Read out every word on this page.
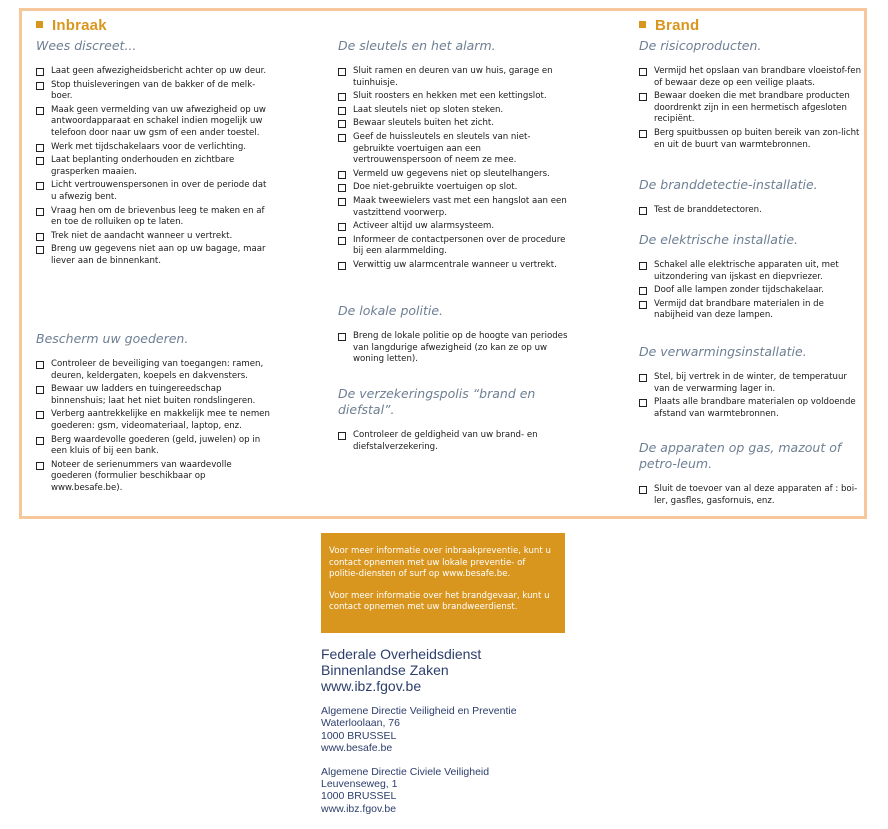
Inbraak

Wees discreet...

Laat geen afwezigheidsbericht achter op uw deur.
Stop thuisleveringen van de bakker of de melk-boer.
Maak geen vermelding van uw afwezigheid op uw antwoordapparaat en schakel indien mogelijk uw telefoon door naar uw gsm of een ander toestel.
Werk met tijdschakelaars voor de verlichting.
Laat beplanting onderhouden en zichtbare grasperken maaien.
Licht vertrouwenspersonen in over de periode dat u afwezig bent.
Vraag hen om de brievenbus leeg te maken en af en toe de rolluiken op te laten.
Trek niet de aandacht wanneer u vertrekt.
Breng uw gegevens niet aan op uw bagage, maar liever aan de binnenkant.

Bescherm uw goederen.

Controleer de beveiliging van toegangen: ramen, deuren, keldergaten, koepels en dakvensters.
Bewaar uw ladders en tuingereedschap binnenshuis; laat het niet buiten rondslingeren.
Verberg aantrekkelijke en makkelijk mee te nemen goederen: gsm, videomateriaal, laptop, enz.
Berg waardevolle goederen (geld, juwelen) op in een kluis of bij een bank.
Noteer de serienummers van waardevolle goederen (formulier beschikbaar op www.besafe.be).

De sleutels en het alarm.

Sluit ramen en deuren van uw huis, garage en tuinhuisje.
Sluit roosters en hekken met een kettingslot.
Laat sleutels niet op sloten steken.
Bewaar sleutels buiten het zicht.
Geef de huissleutels en sleutels van niet-gebruikte voertuigen aan een vertrouwenspersoon of neem ze mee.
Vermeld uw gegevens niet op sleutelhangers.
Doe niet-gebruikte voertuigen op slot.
Maak tweewielers vast met een hangslot aan een vastzittend voorwerp.
Activeer altijd uw alarmsysteem.
Informeer de contactpersonen over de procedure bij een alarmmelding.
Verwittig uw alarmcentrale wanneer u vertrekt.

De lokale politie.

Breng de lokale politie op de hoogte van periodes van langdurige afwezigheid (zo kan ze op uw woning letten).

De verzekeringspolis “brand en diefstal”.

Controleer de geldigheid van uw brand- en diefstalverzekering.
Brand

De risicoproducten.

Vermijd het opslaan van brandbare vloeistof-fen of bewaar deze op een veilige plaats.
Bewaar doeken die met brandbare producten doordrenkt zijn in een hermetisch afgesloten recipiënt.
Berg spuitbussen op buiten bereik van zon-licht en uit de buurt van warmtebronnen.

De branddetectie-installatie.

Test de branddetectoren.

De elektrische installatie.

Schakel alle elektrische apparaten uit, met uitzondering van ijskast en diepvriezer.
Doof alle lampen zonder tijdschakelaar.
Vermijd dat brandbare materialen in de nabijheid van deze lampen.

De verwarmingsinstallatie.

Stel, bij vertrek in de winter, de temperatuur van de verwarming lager in.
Plaats alle brandbare materialen op voldoende afstand van warmtebronnen.

De apparaten op gas, mazout of petro-leum.

Sluit de toevoer van al deze apparaten af : boi-ler, gasfles, gasfornuis, enz.

Voor meer informatie over inbraakpreventie, kunt u contact opnemen met uw lokale preventie- of politie-diensten of surf op www.besafe.be.

Voor meer informatie over het brandgevaar, kunt u contact opnemen met uw brandweerdienst.

Federale Overheidsdienst
Binnenlandse Zaken
www.ibz.fgov.be
Algemene Directie Veiligheid en Preventie
Waterloolaan, 76
1000 BRUSSEL
www.besafe.be
Algemene Directie Civiele Veiligheid
Leuvenseweg, 1
1000 BRUSSEL
www.ibz.fgov.be
